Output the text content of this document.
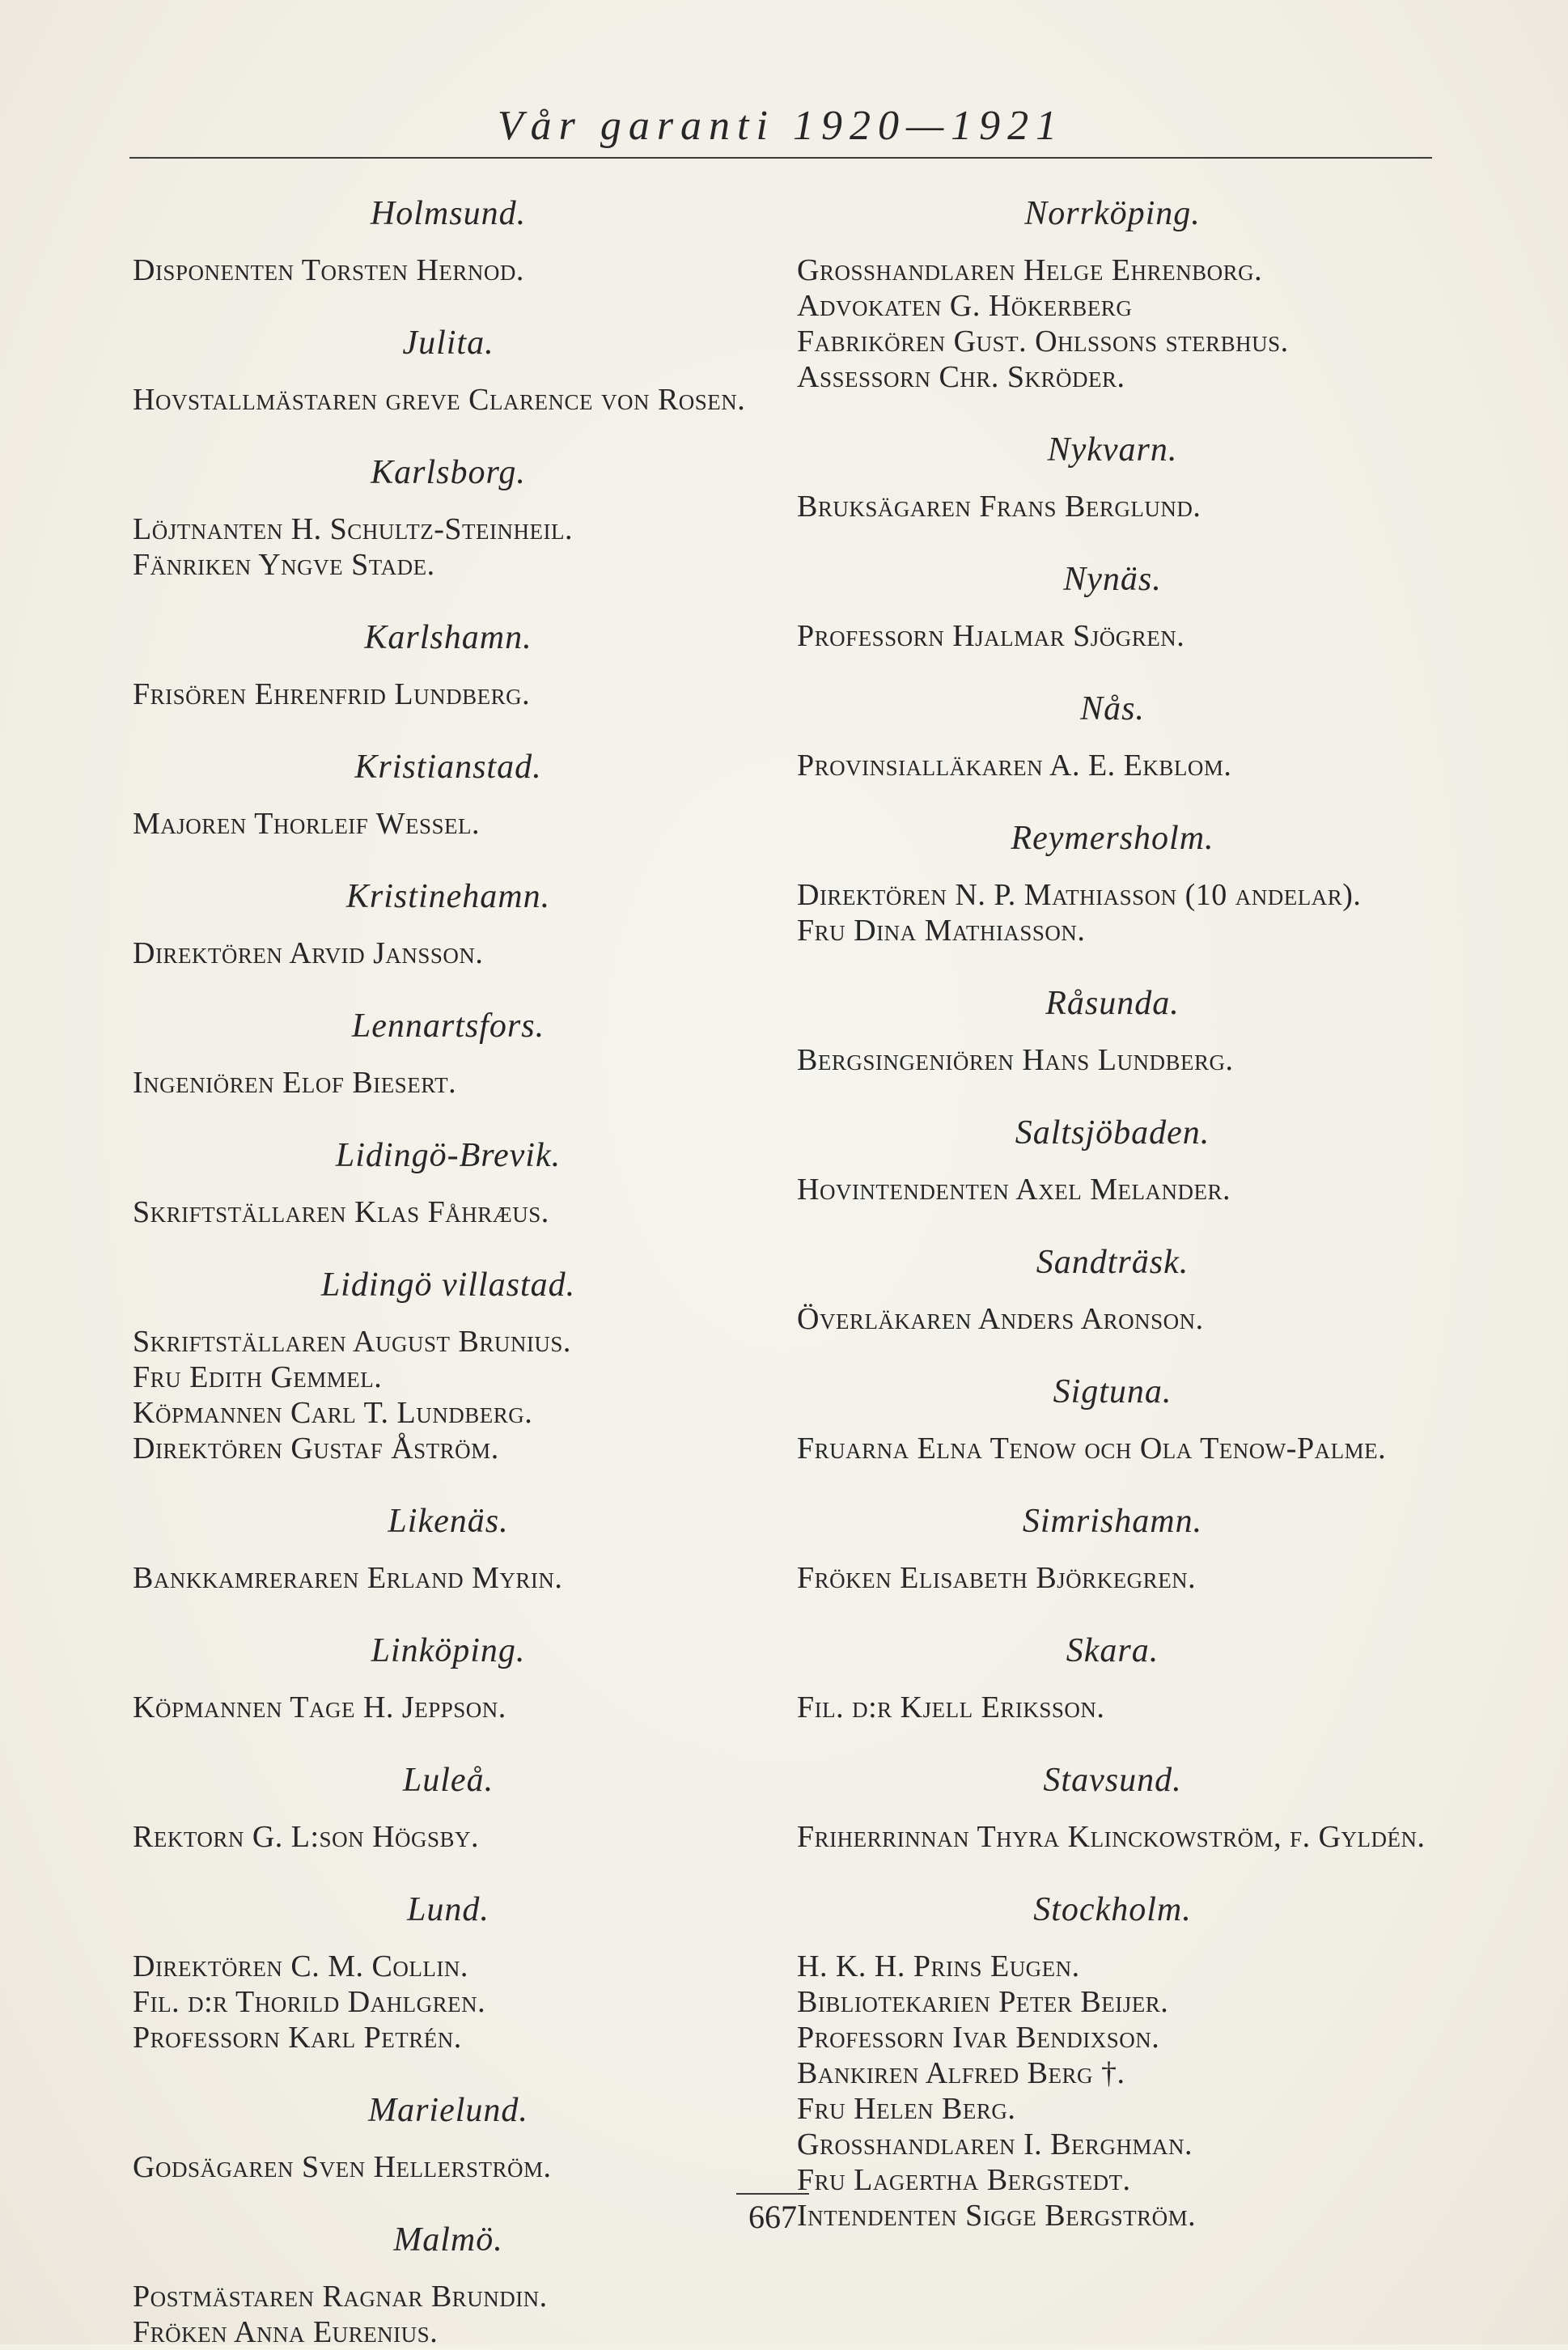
Vår garanti 1920—1921
Holmsund.
Disponenten Torsten Hernod.
Julita.
Hovstallmästaren greve Clarence von Rosen.
Karlsborg.
Löjtnanten H. Schultz-Steinheil.
Fänriken Yngve Stade.
Karlshamn.
Frisören Ehrenfrid Lundberg.
Kristianstad.
Majoren Thorleif Wessel.
Kristinehamn.
Direktören Arvid Jansson.
Lennartsfors.
Ingeniören Elof Biesert.
Lidingö-Brevik.
Skriftställaren Klas Fåhræus.
Lidingö villastad.
Skriftställaren August Brunius.
Fru Edith Gemmel.
Köpmannen Carl T. Lundberg.
Direktören Gustaf Åström.
Likenäs.
Bankkamreraren Erland Myrin.
Linköping.
Köpmannen Tage H. Jeppson.
Luleå.
Rektorn G. L:son Högsby.
Lund.
Direktören C. M. Collin.
Fil. d:r Thorild Dahlgren.
Professorn Karl Petrén.
Marielund.
Godsägaren Sven Hellerström.
Malmö.
Postmästaren Ragnar Brundin.
Fröken Anna Eurenius.
Norrköping.
Grosshandlaren Helge Ehrenborg.
Advokaten G. Hökerberg
Fabrikören Gust. Ohlssons sterbhus.
Assessorn Chr. Skröder.
Nykvarn.
Bruksägaren Frans Berglund.
Nynäs.
Professorn Hjalmar Sjögren.
Nås.
Provinsialläkaren A. E. Ekblom.
Reymersholm.
Direktören N. P. Mathiasson (10 andelar).
Fru Dina Mathiasson.
Råsunda.
Bergsingeniören Hans Lundberg.
Saltsjöbaden.
Hovintendenten Axel Melander.
Sandträsk.
Överläkaren Anders Aronson.
Sigtuna.
Fruarna Elna Tenow och Ola Tenow-Palme.
Simrishamn.
Fröken Elisabeth Björkegren.
Skara.
Fil. d:r Kjell Eriksson.
Stavsund.
Friherrinnan Thyra Klinckowström, f. Gyldén.
Stockholm.
H. K. H. Prins Eugen.
Bibliotekarien Peter Beijer.
Professorn Ivar Bendixson.
Bankiren Alfred Berg †.
Fru Helen Berg.
Grosshandlaren I. Berghman.
Fru Lagertha Bergstedt.
Intendenten Sigge Bergström.
667
